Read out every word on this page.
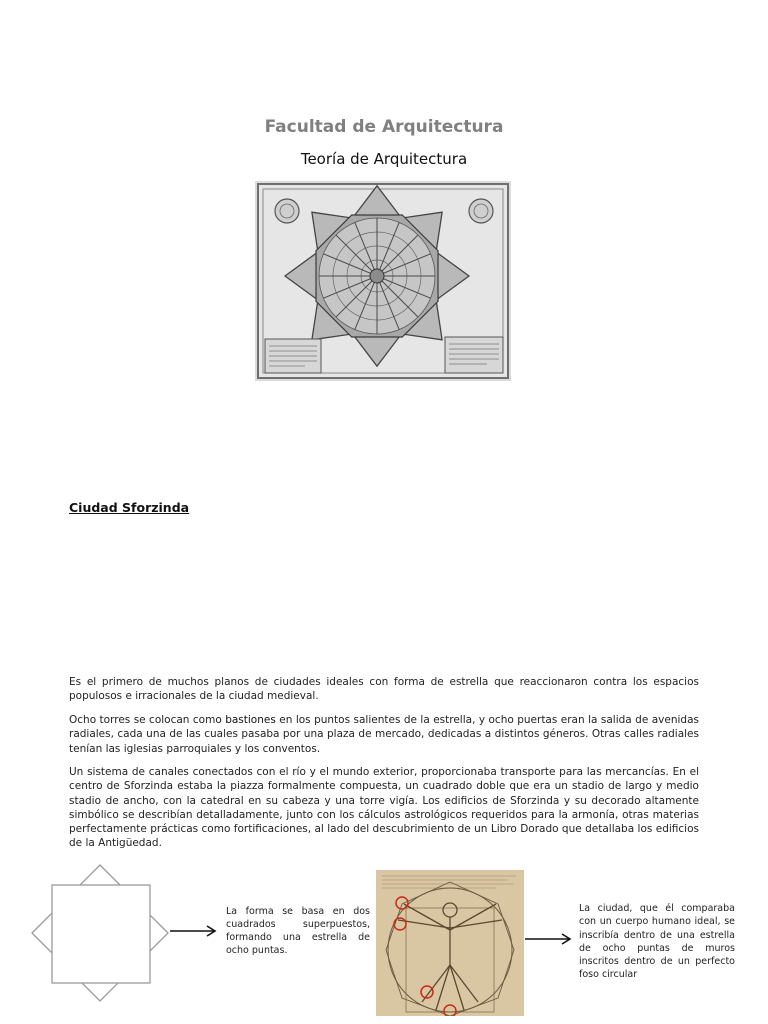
Facultad de Arquitectura
Teoría de Arquitectura
Ciudad Sforzinda

Es el primero de muchos planos de ciudades ideales con forma de estrella que reaccionaron contra los espacios populosos e irracionales de la ciudad medieval.

Ocho torres se colocan como bastiones en los puntos salientes de la estrella, y ocho puertas eran la salida de avenidas radiales, cada una de las cuales pasaba por una plaza de mercado, dedicadas a distintos géneros. Otras calles radiales tenían las iglesias parroquiales y los conventos.

Un sistema de canales conectados con el río y el mundo exterior, proporcionaba transporte para las mercancías. En el centro de Sforzinda estaba la piazza formalmente compuesta, un cuadrado doble que era un stadio de largo y medio stadio de ancho, con la catedral en su cabeza y una torre vigía. Los edificios de Sforzinda y su decorado altamente simbólico se describían detalladamente, junto con los cálculos astrológicos requeridos para la armonía, otras materias perfectamente prácticas como fortificaciones, al lado del descubrimiento de un Libro Dorado que detallaba los edificios de la Antigüedad.

La forma se basa en dos cuadrados superpuestos, formando una estrella de ocho puntas.
La ciudad, que él comparaba con un cuerpo humano ideal, se inscribía dentro de una estrella de ocho puntas de muros inscritos dentro de un perfecto foso circular
